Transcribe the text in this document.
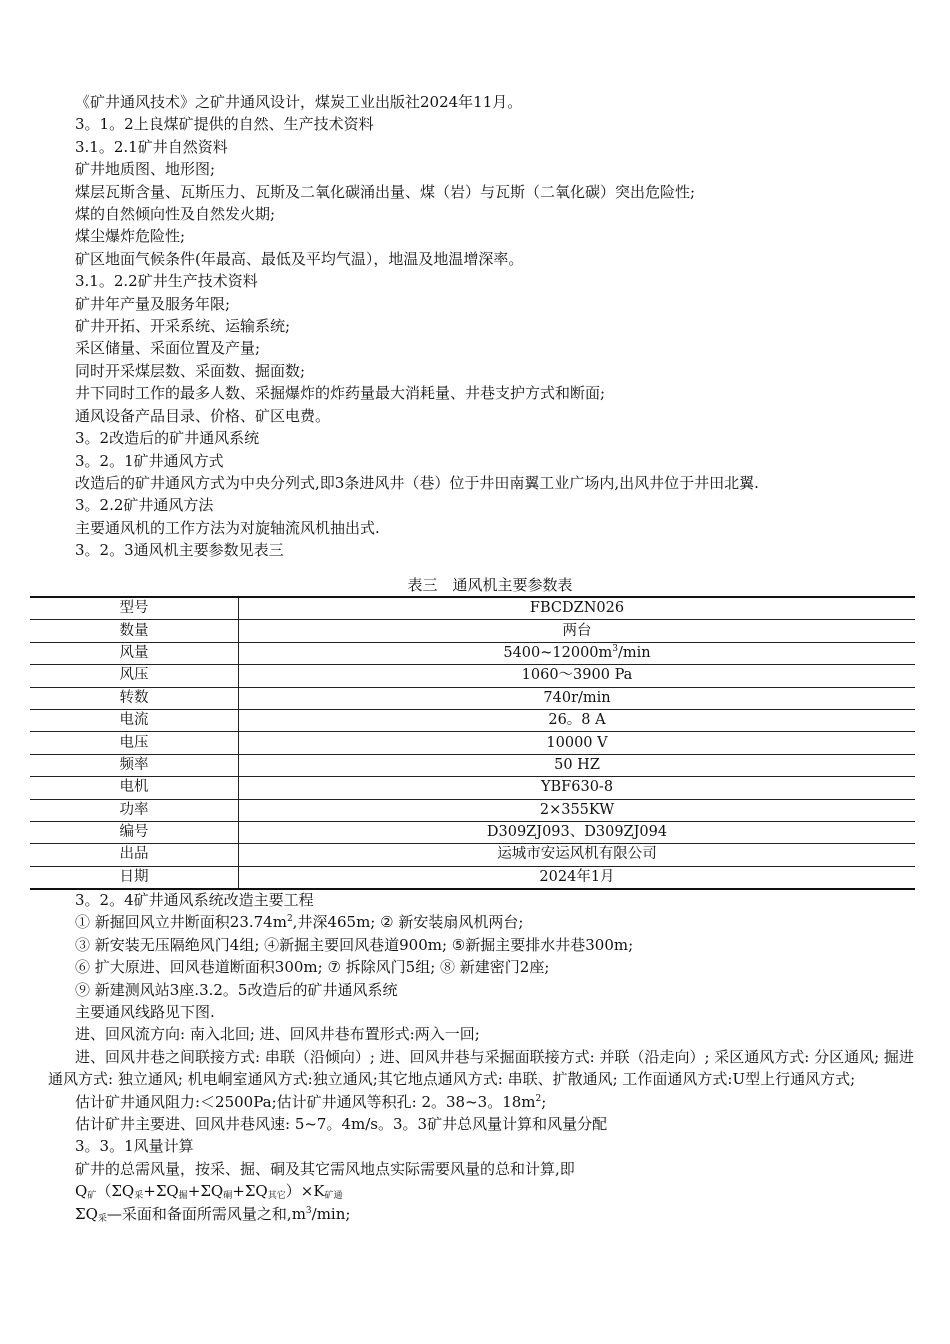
《矿井通风技术》之矿井通风设计，煤炭工业出版社2024年11月。
3。1。2上良煤矿提供的自然、生产技术资料
3.1。2.1矿井自然资料
矿井地质图、地形图;
煤层瓦斯含量、瓦斯压力、瓦斯及二氧化碳涌出量、煤（岩）与瓦斯（二氧化碳）突出危险性;
煤的自然倾向性及自然发火期;
煤尘爆炸危险性;
矿区地面气候条件(年最高、最低及平均气温），地温及地温增深率。
3.1。2.2矿井生产技术资料
矿井年产量及服务年限;
矿井开拓、开采系统、运输系统;
采区储量、采面位置及产量;
同时开采煤层数、采面数、掘面数;
井下同时工作的最多人数、采掘爆炸的炸药量最大消耗量、井巷支护方式和断面;
通风设备产品目录、价格、矿区电费。
3。2改造后的矿井通风系统
3。2。1矿井通风方式
改造后的矿井通风方式为中央分列式,即3条进风井（巷）位于井田南翼工业广场内,出风井位于井田北翼.
3。2.2矿井通风方法
主要通风机的工作方法为对旋轴流风机抽出式.
3。2。3通风机主要参数见表三
表三　通风机主要参数表
型号	FBCDZN026
数量	两台
风量	$5400\sim 12000m^3/\min$
风压	1060～3900 Pa
转数	740r/min
电流	26。8 A
电压	10000 V
频率	50 HZ
电机	YBF630-8
功率	2×355KW
编号	D309ZJ093、D309ZJ094
出品	运城市安运风机有限公司
日期	2024年1月
3。2。4矿井通风系统改造主要工程
① 新掘回风立井断面积$23.74m^2$,井深465m; ② 新安装扇风机两台;
③ 新安装无压隔绝风门4组; ④新掘主要回风巷道900m; ⑤新掘主要排水井巷300m;
⑥ 扩大原进、回风巷道断面积300m; ⑦ 拆除风门5组; ⑧ 新建密门2座;
⑨ 新建测风站3座.3.2。5改造后的矿井通风系统
主要通风线路见下图.
进、回风流方向: 南入北回; 进、回风井巷布置形式:两入一回;
进、回风井巷之间联接方式: 串联（沿倾向）; 进、回风井巷与采掘面联接方式: 并联（沿走向）; 采区通风方式: 分区通风; 掘进通风方式: 独立通风; 机电峒室通风方式:独立通风;其它地点通风方式: 串联、扩散通风; 工作面通风方式:U型上行通风方式;
估计矿井通风阻力:＜2500Pa;估计矿井通风等积孔: 2。38~3。$18m^2$;
估计矿井主要进、回风井巷风速: 5~7。4m/s。3。3矿井总风量计算和风量分配
3。3。1风量计算
矿井的总需风量，按采、掘、硐及其它需风地点实际需要风量的总和计算,即
$Q_矿(\Sigma Q_采+\Sigma Q_掘+\Sigma Q_硐+\Sigma Q_{其它})\times K_{矿通}$
$\Sigma Q_采—$采面和备面所需风量之和$,m^3/\min$;
